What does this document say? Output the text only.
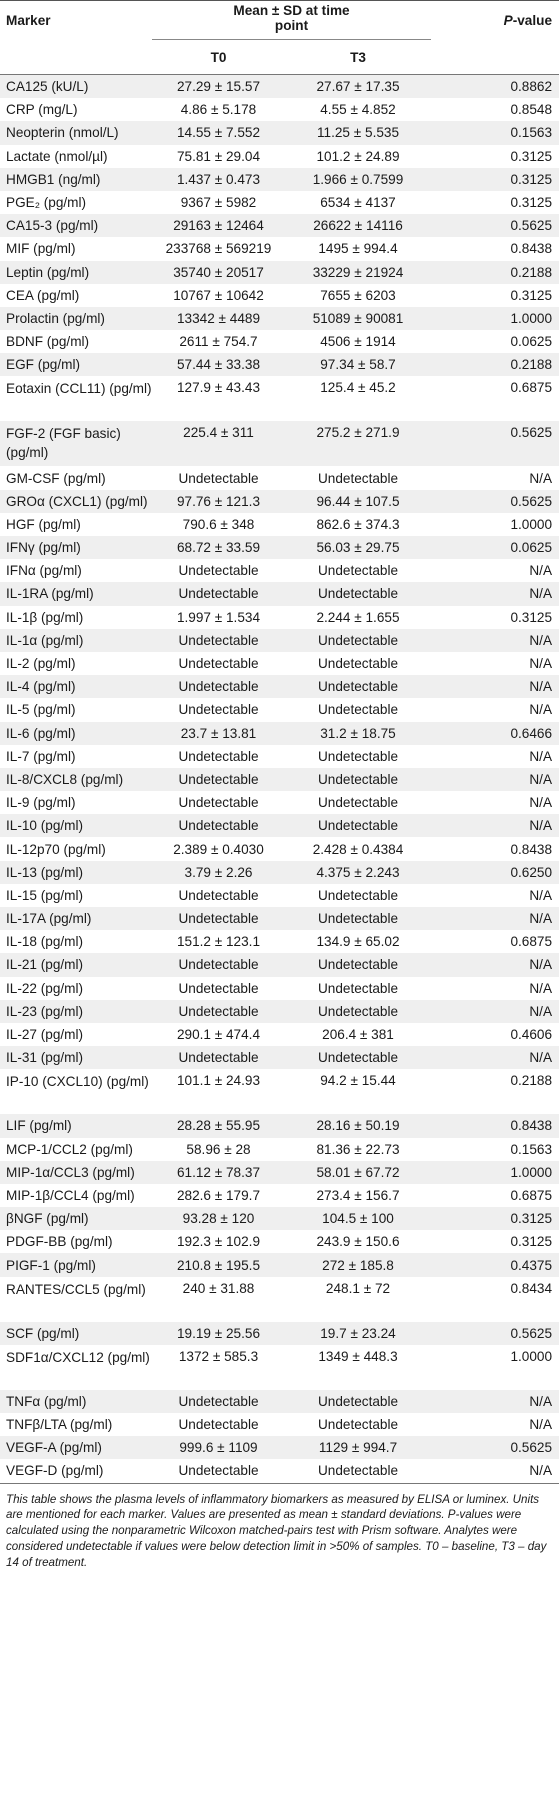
Marker	Mean ± SD at time point		P-value
	T0	T3	
CA125 (kU/L)	27.29 ± 15.57	27.67 ± 17.35	0.8862
CRP (mg/L)	4.86 ± 5.178	4.55 ± 4.852	0.8548
Neopterin (nmol/L)	14.55 ± 7.552	11.25 ± 5.535	0.1563
Lactate (nmol/µl)	75.81 ± 29.04	101.2 ± 24.89	0.3125
HMGB1 (ng/ml)	1.437 ± 0.473	1.966 ± 0.7599	0.3125
PGE₂ (pg/ml)	9367 ± 5982	6534 ± 4137	0.3125
CA15-3 (pg/ml)	29163 ± 12464	26622 ± 14116	0.5625
MIF (pg/ml)	233768 ± 569219	1495 ± 994.4	0.8438
Leptin (pg/ml)	35740 ± 20517	33229 ± 21924	0.2188
CEA (pg/ml)	10767 ± 10642	7655 ± 6203	0.3125
Prolactin (pg/ml)	13342 ± 4489	51089 ± 90081	1.0000
BDNF (pg/ml)	2611 ± 754.7	4506 ± 1914	0.0625
EGF (pg/ml)	57.44 ± 33.38	97.34 ± 58.7	0.2188
Eotaxin (CCL11) (pg/ml)	127.9 ± 43.43	125.4 ± 45.2	0.6875
FGF-2 (FGF basic) (pg/ml)	225.4 ± 311	275.2 ± 271.9	0.5625
GM-CSF (pg/ml)	Undetectable	Undetectable	N/A
GROα (CXCL1) (pg/ml)	97.76 ± 121.3	96.44 ± 107.5	0.5625
HGF (pg/ml)	790.6 ± 348	862.6 ± 374.3	1.0000
IFNγ (pg/ml)	68.72 ± 33.59	56.03 ± 29.75	0.0625
IFNα (pg/ml)	Undetectable	Undetectable	N/A
IL-1RA (pg/ml)	Undetectable	Undetectable	N/A
IL-1β (pg/ml)	1.997 ± 1.534	2.244 ± 1.655	0.3125
IL-1α (pg/ml)	Undetectable	Undetectable	N/A
IL-2 (pg/ml)	Undetectable	Undetectable	N/A
IL-4 (pg/ml)	Undetectable	Undetectable	N/A
IL-5 (pg/ml)	Undetectable	Undetectable	N/A
IL-6 (pg/ml)	23.7 ± 13.81	31.2 ± 18.75	0.6466
IL-7 (pg/ml)	Undetectable	Undetectable	N/A
IL-8/CXCL8 (pg/ml)	Undetectable	Undetectable	N/A
IL-9 (pg/ml)	Undetectable	Undetectable	N/A
IL-10 (pg/ml)	Undetectable	Undetectable	N/A
IL-12p70 (pg/ml)	2.389 ± 0.4030	2.428 ± 0.4384	0.8438
IL-13 (pg/ml)	3.79 ± 2.26	4.375 ± 2.243	0.6250
IL-15 (pg/ml)	Undetectable	Undetectable	N/A
IL-17A (pg/ml)	Undetectable	Undetectable	N/A
IL-18 (pg/ml)	151.2 ± 123.1	134.9 ± 65.02	0.6875
IL-21 (pg/ml)	Undetectable	Undetectable	N/A
IL-22 (pg/ml)	Undetectable	Undetectable	N/A
IL-23 (pg/ml)	Undetectable	Undetectable	N/A
IL-27 (pg/ml)	290.1 ± 474.4	206.4 ± 381	0.4606
IL-31 (pg/ml)	Undetectable	Undetectable	N/A
IP-10 (CXCL10) (pg/ml)	101.1 ± 24.93	94.2 ± 15.44	0.2188
LIF (pg/ml)	28.28 ± 55.95	28.16 ± 50.19	0.8438
MCP-1/CCL2 (pg/ml)	58.96 ± 28	81.36 ± 22.73	0.1563
MIP-1α/CCL3 (pg/ml)	61.12 ± 78.37	58.01 ± 67.72	1.0000
MIP-1β/CCL4 (pg/ml)	282.6 ± 179.7	273.4 ± 156.7	0.6875
βNGF (pg/ml)	93.28 ± 120	104.5 ± 100	0.3125
PDGF-BB (pg/ml)	192.3 ± 102.9	243.9 ± 150.6	0.3125
PIGF-1 (pg/ml)	210.8 ± 195.5	272 ± 185.8	0.4375
RANTES/CCL5 (pg/ml)	240 ± 31.88	248.1 ± 72	0.8434
SCF (pg/ml)	19.19 ± 25.56	19.7 ± 23.24	0.5625
SDF1α/CXCL12 (pg/ml)	1372 ± 585.3	1349 ± 448.3	1.0000
TNFα (pg/ml)	Undetectable	Undetectable	N/A
TNFβ/LTA (pg/ml)	Undetectable	Undetectable	N/A
VEGF-A (pg/ml)	999.6 ± 1109	1129 ± 994.7	0.5625
VEGF-D (pg/ml)	Undetectable	Undetectable	N/A
This table shows the plasma levels of inflammatory biomarkers as measured by ELISA or luminex. Units are mentioned for each marker. Values are presented as mean ± standard deviations. P-values were calculated using the nonparametric Wilcoxon matched-pairs test with Prism software. Analytes were considered undetectable if values were below detection limit in >50% of samples. T0 – baseline, T3 – day 14 of treatment.
